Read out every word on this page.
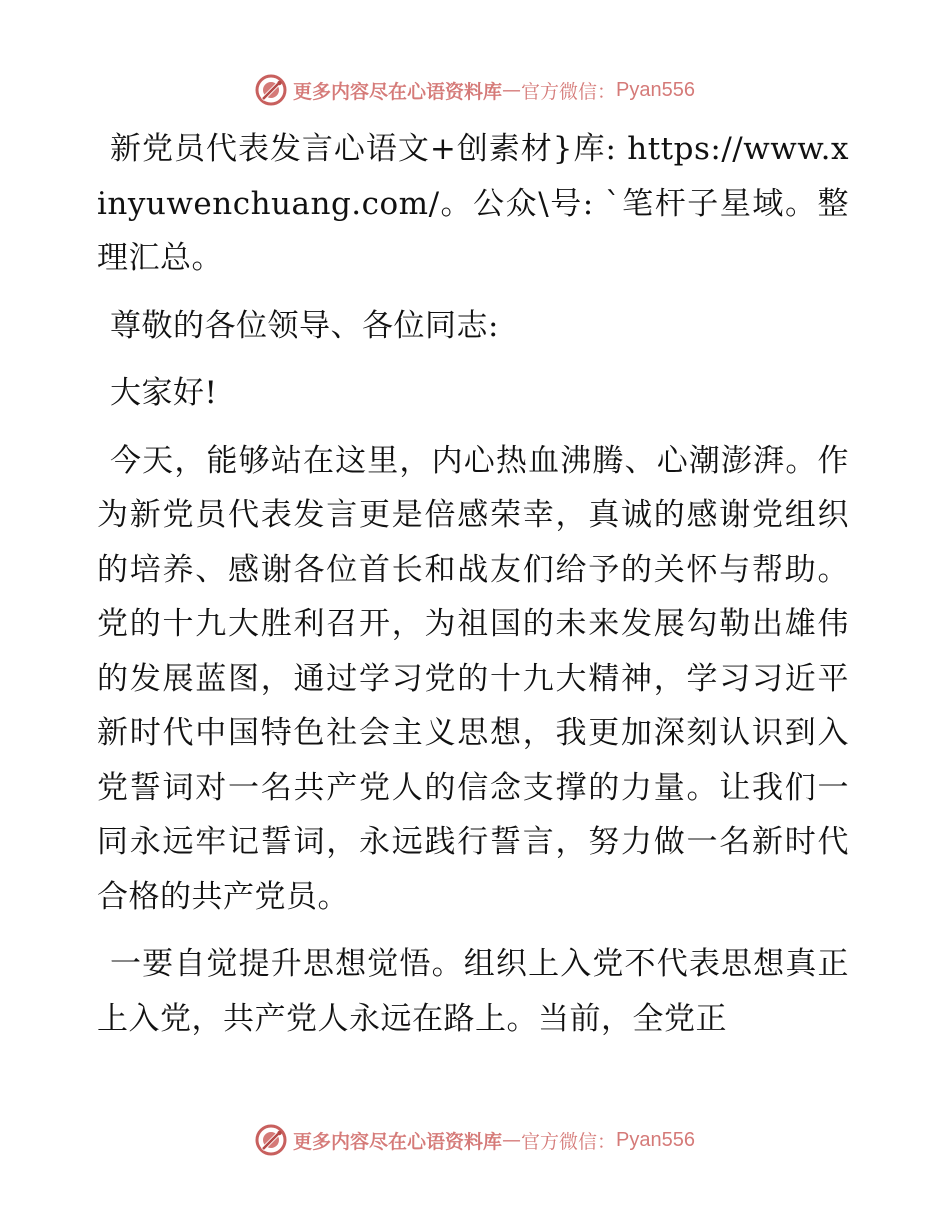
更多内容尽在心语资料库 — 官方微信： Pyan556

新党员代表发言心语文+创素材}库: https://www.xinyuwenchuang.com/。公众\号: `笔杆子星域。整理汇总。

尊敬的各位领导、各位同志:

大家好!

今天，能够站在这里，内心热血沸腾、心潮澎湃。作为新党员代表发言更是倍感荣幸，真诚的感谢党组织的培养、感谢各位首长和战友们给予的关怀与帮助。党的十九大胜利召开，为祖国的未来发展勾勒出雄伟的发展蓝图，通过学习党的十九大精神，学习习近平新时代中国特色社会主义思想，我更加深刻认识到入党誓词对一名共产党人的信念支撑的力量。让我们一同永远牢记誓词，永远践行誓言，努力做一名新时代合格的共产党员。

一要自觉提升思想觉悟。组织上入党不代表思想真正上入党，共产党人永远在路上。当前，全党正

更多内容尽在心语资料库 — 官方微信： Pyan556
